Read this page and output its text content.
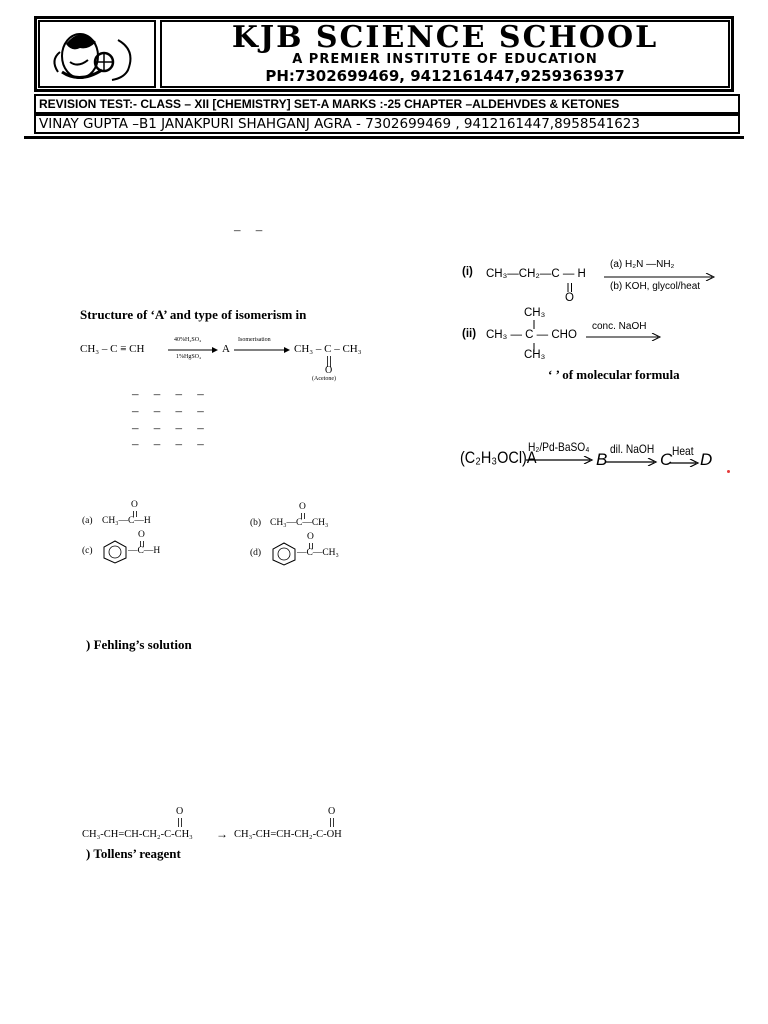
KJB SCIENCE SCHOOL
A PREMIER INSTITUTE OF EDUCATION
PH:7302699469, 9412161447,9259363937
REVISION TEST:- CLASS – XII [CHEMISTRY] SET-A MARKS :-25 CHAPTER –ALDEHVDES & KETONES
VINAY GUPTA –B1 JANAKPURI SHAHGANJ AGRA - 7302699469 , 9412161447,8958541623
– –
Structure of ‘A’ and type of isomerism in
CH₃ – C ≡ CH
40%H₂SO₄
1%HgSO₄
A
Isomerisation
CH₃ – C – CH₃
O
(Acetone)
– – – –
– – – –
– – – –
– – – –
(a) CH₃—C—H
O
(b) CH₃—C—CH₃
O
(c)	—C—H
O
(d)	—C—CH₃
O
) Fehling’s solution
O
CH₃-CH=CH-CH₂-C-CH₃ →
O
CH₃-CH=CH-CH₂-C-OH
) Tollens’ reagent
(i) CH₃—CH₂—C — H
O
(a) H₂N —NH₂
(b) KOH, glycol/heat
CH₃
(ii) CH₃ — C — CHO
CH₃
conc. NaOH
‘ ’ of molecular formula
(C₂H₃OCl)A
H₂/Pd-BaSO₄
B
dil. NaOH
C Heat D
